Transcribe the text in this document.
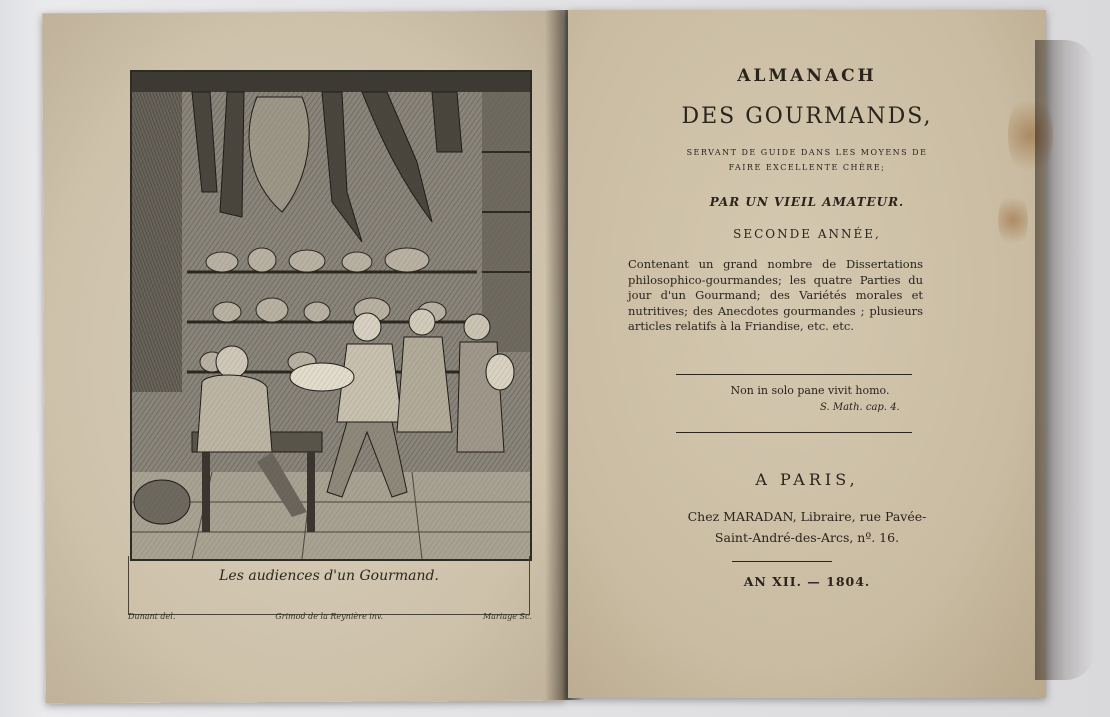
Les audiences d'un Gourmand.
Dunant del.	Grimod de la Reynière inv.	Mariage Sc.
ALMANACH
DES GOURMANDS,
SERVANT DE GUIDE DANS LES MOYENS DE
FAIRE EXCELLENTE CHÈRE;
PAR UN VIEIL AMATEUR.
SECONDE ANNÉE,
Contenant un grand nombre de Dissertations philosophico-gourmandes; les quatre Parties du jour d'un Gourmand; des Variétés morales et nutritives; des Anecdotes gourmandes ; plusieurs articles relatifs à la Friandise, etc. etc.
Non in solo pane vivit homo.
S. Math. cap. 4.
A PARIS,
Chez MARADAN, Libraire, rue Pavée-
Saint-André-des-Arcs, nº. 16.
AN XII. — 1804.
